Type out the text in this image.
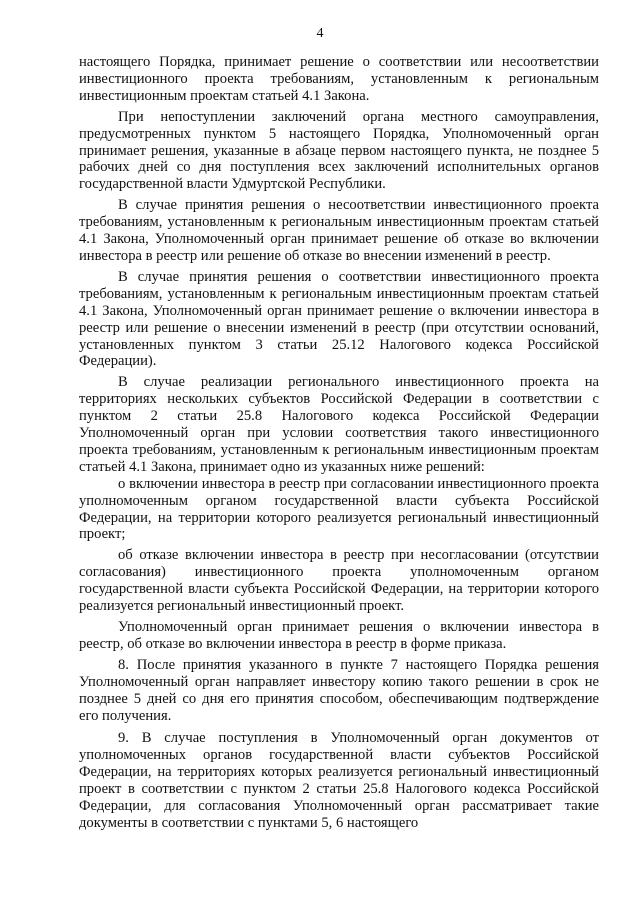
4

настоящего Порядка, принимает решение о соответствии или несоответствии инвестиционного проекта требованиям, установленным к региональным инвестиционным проектам статьей 4.1 Закона.

При непоступлении заключений органа местного самоуправления, предусмотренных пунктом 5 настоящего Порядка, Уполномоченный орган принимает решения, указанные в абзаце первом настоящего пункта, не позднее 5 рабочих дней со дня поступления всех заключений исполнительных органов государственной власти Удмуртской Республики.

В случае принятия решения о несоответствии инвестиционного проекта требованиям, установленным к региональным инвестиционным проектам статьей 4.1 Закона, Уполномоченный орган принимает решение об отказе во включении инвестора в реестр или решение об отказе во внесении изменений в реестр.

В случае принятия решения о соответствии инвестиционного проекта требованиям, установленным к региональным инвестиционным проектам статьей 4.1 Закона, Уполномоченный орган принимает решение о включении инвестора в реестр или решение о внесении изменений в реестр (при отсутствии оснований, установленных пунктом 3 статьи 25.12 Налогового кодекса Российской Федерации).

В случае реализации регионального инвестиционного проекта на территориях нескольких субъектов Российской Федерации в соответствии с пунктом 2 статьи 25.8 Налогового кодекса Российской Федерации Уполномоченный орган при условии соответствия такого инвестиционного проекта требованиям, установленным к региональным инвестиционным проектам статьей 4.1 Закона, принимает одно из указанных ниже решений:

о включении инвестора в реестр при согласовании инвестиционного проекта уполномоченным органом государственной власти субъекта Российской Федерации, на территории которого реализуется региональный инвестиционный проект;

об отказе включении инвестора в реестр при несогласовании (отсутствии согласования) инвестиционного проекта уполномоченным органом государственной власти субъекта Российской Федерации, на территории которого реализуется региональный инвестиционный проект.

Уполномоченный орган принимает решения о включении инвестора в реестр, об отказе во включении инвестора в реестр в форме приказа.

8. После принятия указанного в пункте 7 настоящего Порядка решения Уполномоченный орган направляет инвестору копию такого решении в срок не позднее 5 дней со дня его принятия способом, обеспечивающим подтверждение его получения.

9. В случае поступления в Уполномоченный орган документов от уполномоченных органов государственной власти субъектов Российской Федерации, на территориях которых реализуется региональный инвестиционный проект в соответствии с пунктом 2 статьи 25.8 Налогового кодекса Российской Федерации, для согласования Уполномоченный орган рассматривает такие документы в соответствии с пунктами 5, 6 настоящего
